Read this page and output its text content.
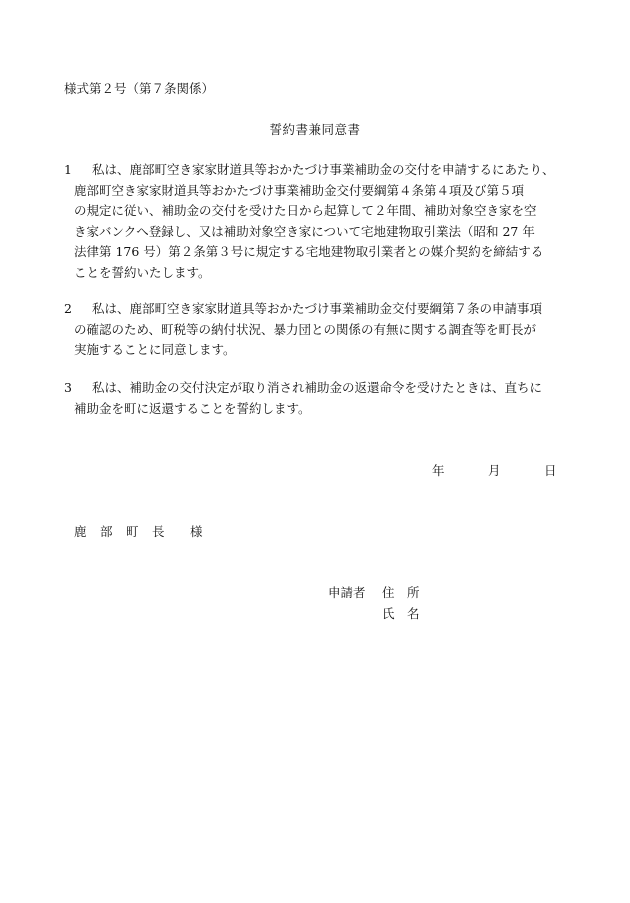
様式第２号（第７条関係）
誓約書兼同意書
1 私は、鹿部町空き家家財道具等おかたづけ事業補助金の交付を申請するにあたり、
鹿部町空き家家財道具等おかたづけ事業補助金交付要綱第４条第４項及び第５項
の規定に従い、補助金の交付を受けた日から起算して２年間、補助対象空き家を空
き家バンクへ登録し、又は補助対象空き家について宅地建物取引業法（昭和 27 年
法律第 176 号）第２条第３号に規定する宅地建物取引業者との媒介契約を締結する
ことを誓約いたします。
2 私は、鹿部町空き家家財道具等おかたづけ事業補助金交付要綱第７条の申請事項
の確認のため、町税等の納付状況、暴力団との関係の有無に関する調査等を町長が
実施することに同意します。
3 私は、補助金の交付決定が取り消され補助金の返還命令を受けたときは、直ちに
補助金を町に返還することを誓約します。
年	月	日
鹿 部 町 長 様
申請者 住　所
氏　名
